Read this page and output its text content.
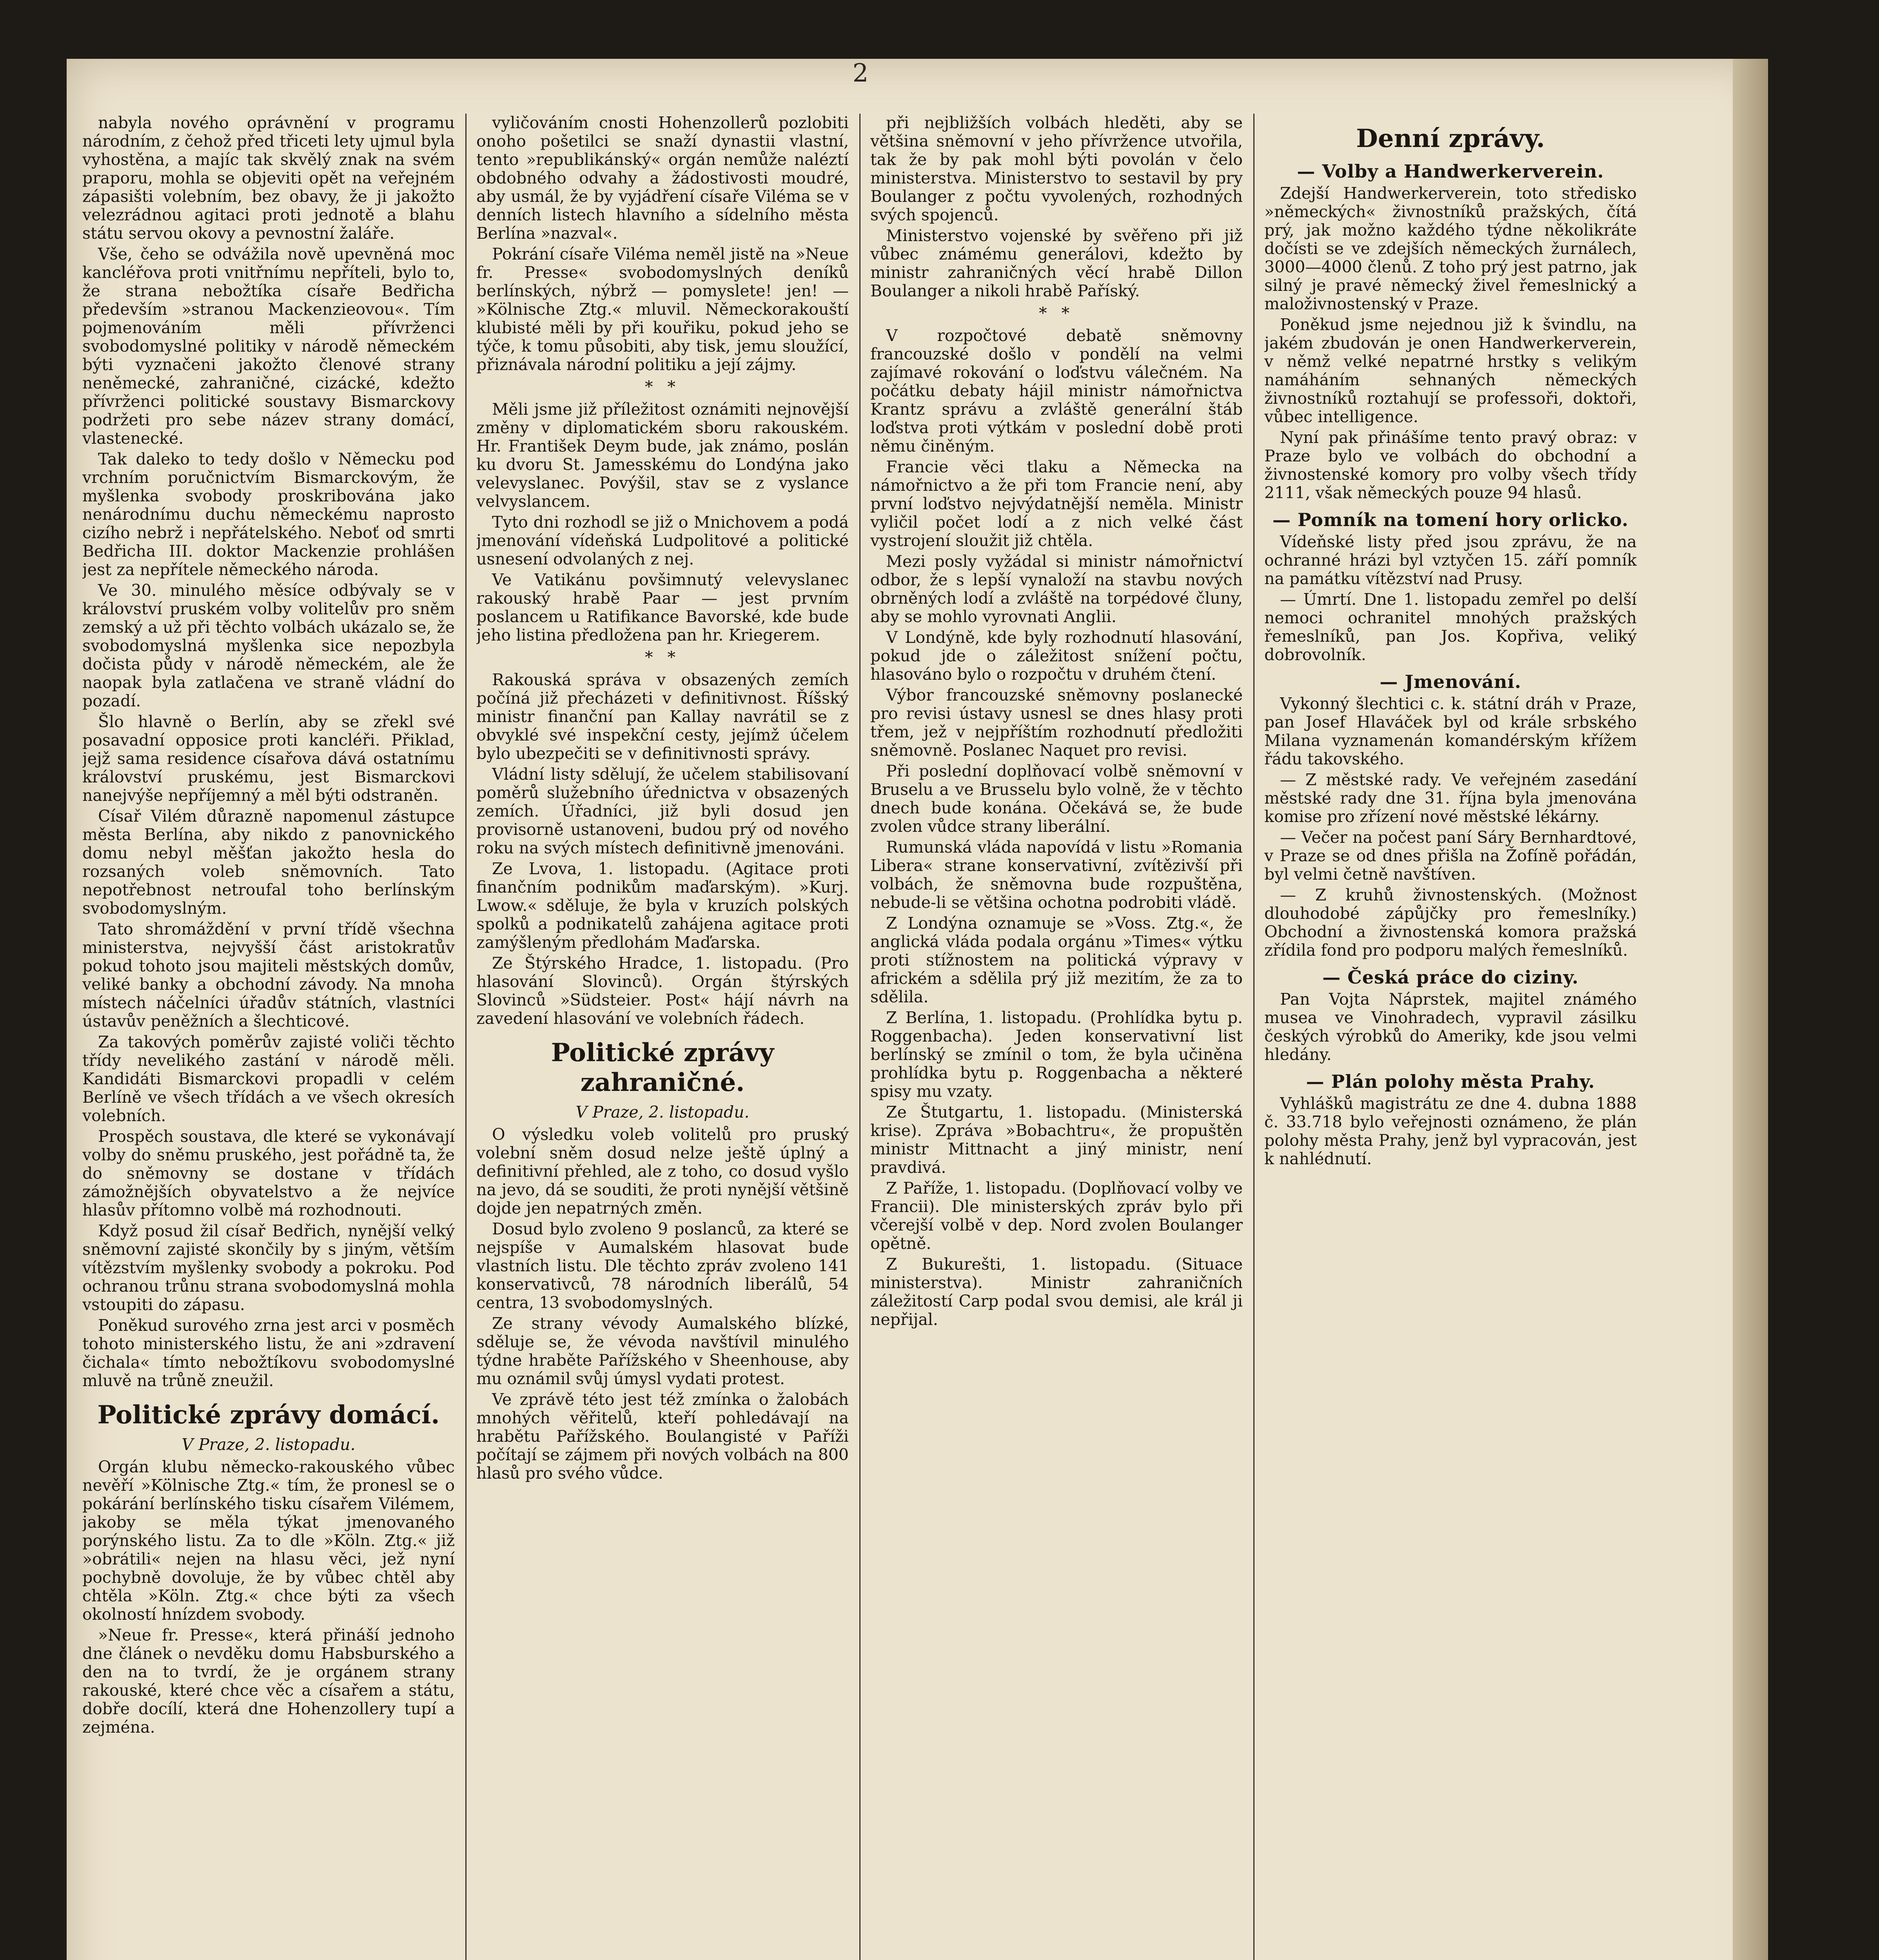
2

nabyla nového oprávnění v programu národním, z čehož před třiceti lety ujmul byla vyhostěna, a majíc tak skvělý znak na svém praporu, mohla se objeviti opět na veřejném zápasišti volebním, bez obavy, že ji jakožto velezrádnou agitaci proti jednotě a blahu státu servou okovy a pevnostní žaláře.

Vše, čeho se odvážila nově upevněná moc kancléřova proti vnitřnímu nepříteli, bylo to, že strana nebožtíka císaře Bedřicha především »stranou Mackenzieovou«. Tím pojmenováním měli přívrženci svobodomyslné politiky v národě německém býti vyznačeni jakožto členové strany neněmecké, zahraničné, cizácké, kdežto přívrženci politické soustavy Bismarckovy podržeti pro sebe název strany domácí, vlastenecké.

Tak daleko to tedy došlo v Německu pod vrchním poručnictvím Bismarckovým, že myšlenka svobody proskribována jako nenárodnímu duchu německému naprosto cizího nebrž i nepřátelského. Neboť od smrti Bedřicha III. doktor Mackenzie prohlášen jest za nepřítele německého národa.

Ve 30. minulého měsíce odbývaly se v království pruském volby volitelův pro sněm zemský a už při těchto volbách ukázalo se, že svobodomyslná myšlenka sice nepozbyla dočista půdy v národě německém, ale že naopak byla zatlačena ve straně vládní do pozadí.

Šlo hlavně o Berlín, aby se zřekl své posavadní opposice proti kancléři. Přiklad, jejž sama residence císařova dává ostatnímu království pruskému, jest Bismarckovi nanejvýše nepříjemný a měl býti odstraněn.

Císař Vilém důrazně napomenul zástupce města Berlína, aby nikdo z panovnického domu nebyl měšťan jakožto hesla do rozsaných voleb sněmovních. Tato nepotřebnost netroufal toho berlínským svobodomyslným.

Tato shromáždění v první třídě všechna ministerstva, nejvyšší část aristokratův pokud tohoto jsou majiteli městských domův, veliké banky a obchodní závody. Na mnoha místech náčelníci úřadův státních, vlastníci ústavův peněžních a šlechticové.

Za takových poměrův zajisté voliči těchto třídy nevelikého zastání v národě měli. Kandidáti Bismarckovi propadli v celém Berlíně ve všech třídách a ve všech okresích volebních.

Prospěch soustava, dle které se vykonávají volby do sněmu pruského, jest pořádně ta, že do sněmovny se dostane v třídách zámožnějších obyvatelstvo a že nejvíce hlasův přítomno volbě má rozhodnouti.

Když posud žil císař Bedřich, nynější velký sněmovní zajisté skončily by s jiným, větším vítězstvím myšlenky svobody a pokroku. Pod ochranou trůnu strana svobodomyslná mohla vstoupiti do zápasu.

Poněkud surového zrna jest arci v posměch tohoto ministerského listu, že ani »zdravení čichala« tímto nebožtíkovu svobodomyslné mluvě na trůně zneužil.

Politické zprávy domácí.

V Praze, 2. listopadu.

Orgán klubu německo-rakouského vůbec nevěří »Kölnische Ztg.« tím, že pronesl se o pokárání berlínského tisku císařem Vilémem, jakoby se měla týkat jmenovaného porýnského listu. Za to dle »Köln. Ztg.« již »obrátili« nejen na hlasu věci, jež nyní pochybně dovoluje, že by vůbec chtěl aby chtěla »Köln. Ztg.« chce býti za všech okolností hnízdem svobody.

»Neue fr. Presse«, která přináší jednoho dne článek o nevděku domu Habsburského a den na to tvrdí, že je orgánem strany rakouské, které chce věc a císařem a státu, dobře docílí, která dne Hohenzollery tupí a zejména.

vyličováním cnosti Hohenzollerů pozlobiti onoho pošetilci se snaží dynastii vlastní, tento »republikánský« orgán nemůže naléztí obdobného odvahy a žádostivosti moudré, aby usmál, že by vyjádření císaře Viléma se v denních listech hlavního a sídelního města Berlína »nazval«.

Pokrání císaře Viléma neměl jistě na »Neue fr. Presse« svobodomyslných deníků berlínských, nýbrž — pomyslete! jen! — »Kölnische Ztg.« mluvil. Německorakouští klubisté měli by při kouřiku, pokud jeho se týče, k tomu působiti, aby tisk, jemu sloužící, přiznávala národní politiku a její zájmy.

* *

Měli jsme již příležitost oznámiti nejnovější změny v diplomatickém sboru rakouském. Hr. František Deym bude, jak známo, poslán ku dvoru St. Jamesskému do Londýna jako velevyslanec. Povýšil, stav se z vyslance velvyslancem.

Tyto dni rozhodl se již o Mnichovem a podá jmenování vídeňská Ludpolitové a politické usnesení odvolaných z nej.

Ve Vatikánu povšimnutý velevyslanec rakouský hrabě Paar — jest prvním poslancem u Ratifikance Bavorské, kde bude jeho listina předložena pan hr. Kriegerem.

* *

Rakouská správa v obsazených zemích počíná již přecházeti v definitivnost. Říšský ministr finanční pan Kallay navrátil se z obvyklé své inspekční cesty, jejímž účelem bylo ubezpečiti se v definitivnosti správy.

Vládní listy sdělují, že učelem stabilisovaní poměrů služebního úřednictva v obsazených zemích. Úřadníci, již byli dosud jen provisorně ustanoveni, budou prý od nového roku na svých místech definitivně jmenováni.

Ze Lvova, 1. listopadu. (Agitace proti finančním podnikům maďarským). »Kurj. Lwow.« sděluje, že byla v kruzích polských spolků a podnikatelů zahájena agitace proti zamýšleným předlohám Maďarska.

Ze Štýrského Hradce, 1. listopadu. (Pro hlasování Slovinců). Orgán štýrských Slovinců »Südsteier. Post« hájí návrh na zavedení hlasování ve volebních řádech.

Politické zprávy zahraničné.

V Praze, 2. listopadu.

O výsledku voleb volitelů pro pruský volební sněm dosud nelze ještě úplný a definitivní přehled, ale z toho, co dosud vyšlo na jevo, dá se souditi, že proti nynější většině dojde jen nepatrných změn.

Dosud bylo zvoleno 9 poslanců, za které se nejspíše v Aumalském hlasovat bude vlastních listu. Dle těchto zpráv zvoleno 141 konservativců, 78 národních liberálů, 54 centra, 13 svobodomyslných.

Ze strany vévody Aumalského blízké, sděluje se, že vévoda navštívil minulého týdne hraběte Pařížského v Sheenhouse, aby mu oznámil svůj úmysl vydati protest.

Ve zprávě této jest též zmínka o žalobách mnohých věřitelů, kteří pohledávají na hrabětu Pařížského. Boulangisté v Paříži počítají se zájmem při nových volbách na 800 hlasů pro svého vůdce.

při nejbližších volbách hleděti, aby se většina sněmovní v jeho přívržence utvořila, tak že by pak mohl býti povolán v čelo ministerstva. Ministerstvo to sestavil by pry Boulanger z počtu vyvolených, rozhodných svých spojenců.

Ministerstvo vojenské by svěřeno při již vůbec známému generálovi, kdežto by ministr zahraničných věcí hrabě Dillon Boulanger a nikoli hrabě Paříský.

* *

V rozpočtové debatě sněmovny francouzské došlo v pondělí na velmi zajímavé rokování o loďstvu válečném. Na počátku debaty hájil ministr námořnictva Krantz správu a zvláště generální štáb loďstva proti výtkám v poslední době proti němu činěným.

Francie věci tlaku a Německa na námořnictvo a že při tom Francie není, aby první loďstvo nejvýdatnější neměla. Ministr vyličil počet lodí a z nich velké část vystrojení sloužit již chtěla.

Mezi posly vyžádal si ministr námořnictví odbor, že s lepší vynaloží na stavbu nových obrněných lodí a zvláště na torpédové čluny, aby se mohlo vyrovnati Anglii.

V Londýně, kde byly rozhodnutí hlasování, pokud jde o záležitost snížení počtu, hlasováno bylo o rozpočtu v druhém čtení.

Výbor francouzské sněmovny poslanecké pro revisi ústavy usnesl se dnes hlasy proti třem, jež v nejpříštím rozhodnutí předložiti sněmovně. Poslanec Naquet pro revisi.

Při poslední doplňovací volbě sněmovní v Bruselu a ve Brusselu bylo volně, že v těchto dnech bude konána. Očekává se, že bude zvolen vůdce strany liberální.

Rumunská vláda napovídá v listu »Romania Libera« strane konservativní, zvítězivší při volbách, že sněmovna bude rozpuštěna, nebude-li se většina ochotna podrobiti vládě.

Z Londýna oznamuje se »Voss. Ztg.«, že anglická vláda podala orgánu »Times« výtku proti stížnostem na politická výpravy v africkém a sdělila prý již mezitím, že za to sdělila.

Z Berlína, 1. listopadu. (Prohlídka bytu p. Roggenbacha). Jeden konservativní list berlínský se zmínil o tom, že byla učiněna prohlídka bytu p. Roggenbacha a některé spisy mu vzaty.

Ze Štutgartu, 1. listopadu. (Ministerská krise). Zpráva »Bobachtru«, že propuštěn ministr Mittnacht a jiný ministr, není pravdivá.

Z Paříže, 1. listopadu. (Doplňovací volby ve Francii). Dle ministerských zpráv bylo při včerejší volbě v dep. Nord zvolen Boulanger opětně.

Z Bukurešti, 1. listopadu. (Situace ministerstva). Ministr zahraničních záležitostí Carp podal svou demisi, ale král ji nepřijal.

Denní zprávy.
— Volby a Handwerkerverein.

Zdejší Handwerkerverein, toto středisko »německých« živnostníků pražských, čítá prý, jak možno každého týdne několikráte dočísti se ve zdejších německých žurnálech, 3000—4000 členů. Z toho prý jest patrno, jak silný je pravé německý živel řemeslnický a maloživnostenský v Praze.

Poněkud jsme nejednou již k švindlu, na jakém zbudován je onen Handwerkerverein, v němž velké nepatrné hrstky s velikým namáháním sehnaných německých živnostníků roztahují se professoři, doktoři, vůbec intelligence.

Nyní pak přinášíme tento pravý obraz: v Praze bylo ve volbách do obchodní a živnostenské komory pro volby všech třídy 2111, však německých pouze 94 hlasů.

— Pomník na tomení hory orlicko.

Vídeňské listy před jsou zprávu, že na ochranné hrázi byl vztyčen 15. září pomník na památku vítězství nad Prusy.

— Úmrtí. Dne 1. listopadu zemřel po delší nemoci ochranitel mnohých pražských řemeslníků, pan Jos. Kopřiva, veliký dobrovolník.

— Jmenování.

Vykonný šlechtici c. k. státní dráh v Praze, pan Josef Hlaváček byl od krále srbského Milana vyznamenán komandérským křížem řádu takovského.

— Z městské rady. Ve veřejném zasedání městské rady dne 31. října byla jmenována komise pro zřízení nové městské lékárny.

— Večer na počest paní Sáry Bernhardtové, v Praze se od dnes přišla na Žofíně pořádán, byl velmi četně navštíven.

— Z kruhů živnostenských. (Možnost dlouhodobé zápůjčky pro řemeslníky.) Obchodní a živnostenská komora pražská zřídila fond pro podporu malých řemeslníků.

— Česká práce do ciziny.

Pan Vojta Náprstek, majitel známého musea ve Vinohradech, vypravil zásilku českých výrobků do Ameriky, kde jsou velmi hledány.

— Plán polohy města Prahy.

Vyhlášků magistrátu ze dne 4. dubna 1888 č. 33.718 bylo veřejnosti oznámeno, že plán polohy města Prahy, jenž byl vypracován, jest k nahlédnutí.
